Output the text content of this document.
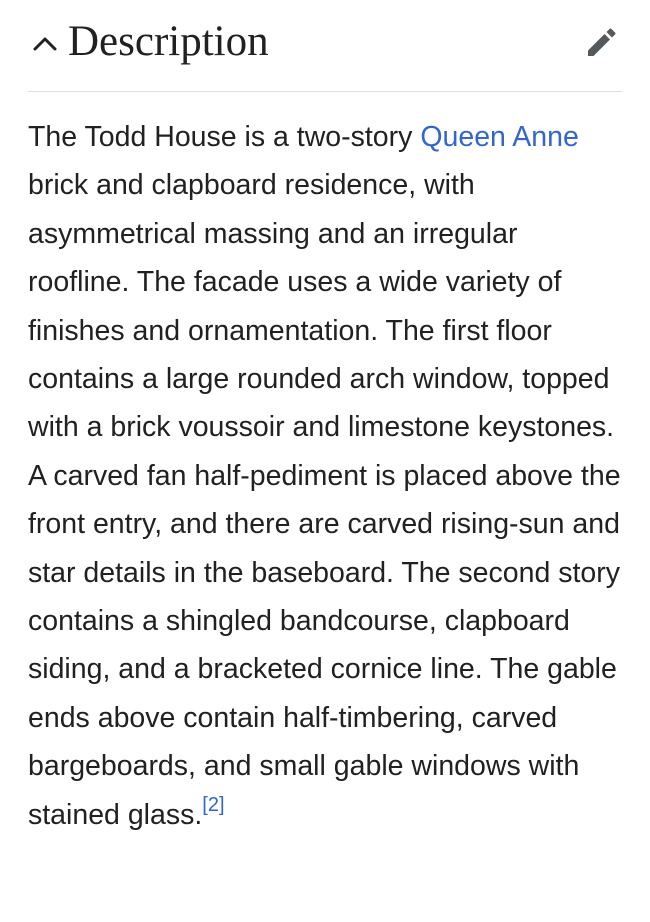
Description

The Todd House is a two-story Queen Anne brick and clapboard residence, with asymmetrical massing and an irregular roofline. The facade uses a wide variety of finishes and ornamentation. The first floor contains a large rounded arch window, topped with a brick voussoir and limestone keystones. A carved fan half-pediment is placed above the front entry, and there are carved rising-sun and star details in the baseboard. The second story contains a shingled bandcourse, clapboard siding, and a bracketed cornice line. The gable ends above contain half-timbering, carved bargeboards, and small gable windows with stained glass.[2]
